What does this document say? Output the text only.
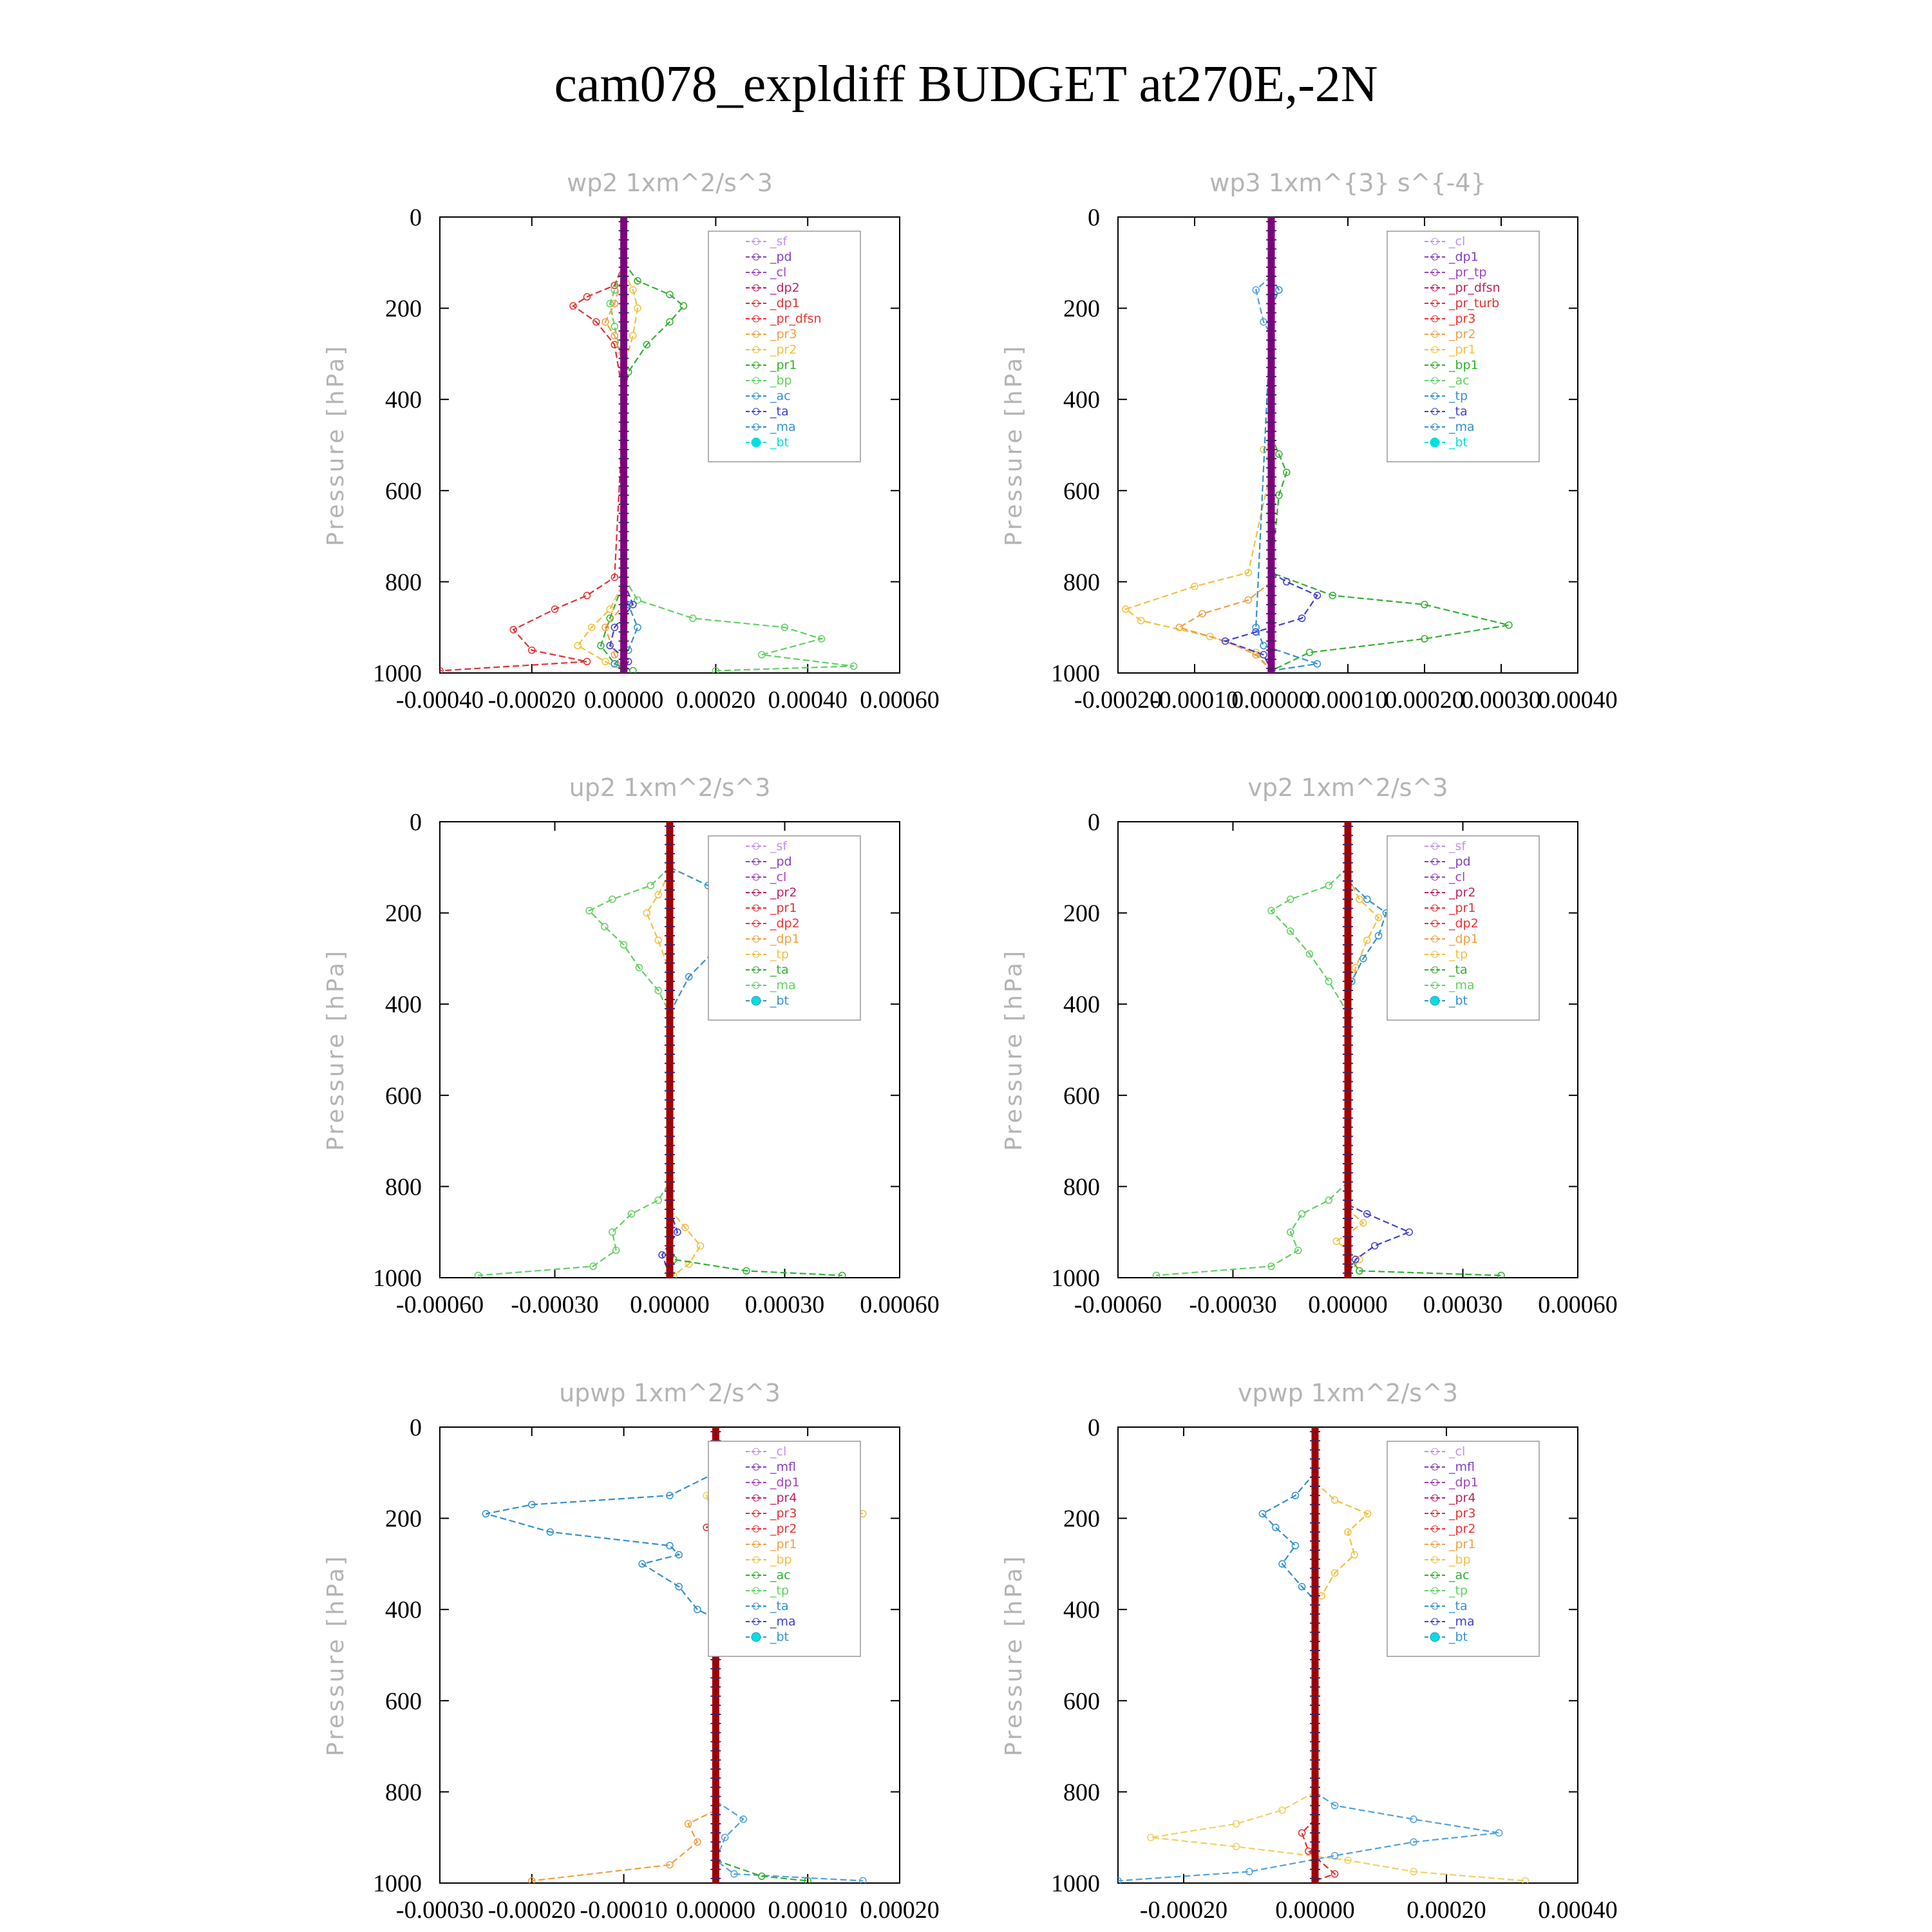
cam078_expldiff BUDGET at270E,-2N
wp2 1xm^2/s^3
Pressure [hPa]
0
200
400
600
800
1000
-0.00040 -0.00020 0.00000 0.00020 0.00040 0.00060
_sf
_pd
_cl
_dp2
_dp1
_pr_dfsn
_pr3
_pr2
_pr1
_bp
_ac
_ta
_ma
_bt
wp3 1xm^{3} s^{-4}
Pressure [hPa]
0
200
400
600
800
1000
-0.00020
-0.00010
0.00000
0.00010
0.00020
0.00030
0.00040
_cl
_dp1
_pr_tp
_pr_dfsn
_pr_turb
_pr3
_pr2
_pr1
_bp1
_ac
_tp
_ta
_ma
_bt
up2 1xm^2/s^3
Pressure [hPa]
0
200
400
600
800
1000
-0.00060 -0.00030 0.00000 0.00030 0.00060
_sf
_pd
_cl
_pr2
_pr1
_dp2
_dp1
_tp
_ta
_ma
_bt
vp2 1xm^2/s^3
Pressure [hPa]
0
200
400
600
800
1000
-0.00060 -0.00030 0.00000 0.00030 0.00060
_sf
_pd
_cl
_pr2
_pr1
_dp2
_dp1
_tp
_ta
_ma
_bt
upwp 1xm^2/s^3
Pressure [hPa]
0
200
400
600
800
1000
-0.00030 -0.00020 -0.00010 0.00000 0.00010 0.00020
_cl
_mfl
_dp1
_pr4
_pr3
_pr2
_pr1
_bp
_ac
_tp
_ta
_ma
_bt
vpwp 1xm^2/s^3
Pressure [hPa]
0
200
400
600
800
1000
-0.00020 0.00000 0.00020 0.00040
_cl
_mfl
_dp1
_pr4
_pr3
_pr2
_pr1
_bp
_ac
_tp
_ta
_ma
_bt
